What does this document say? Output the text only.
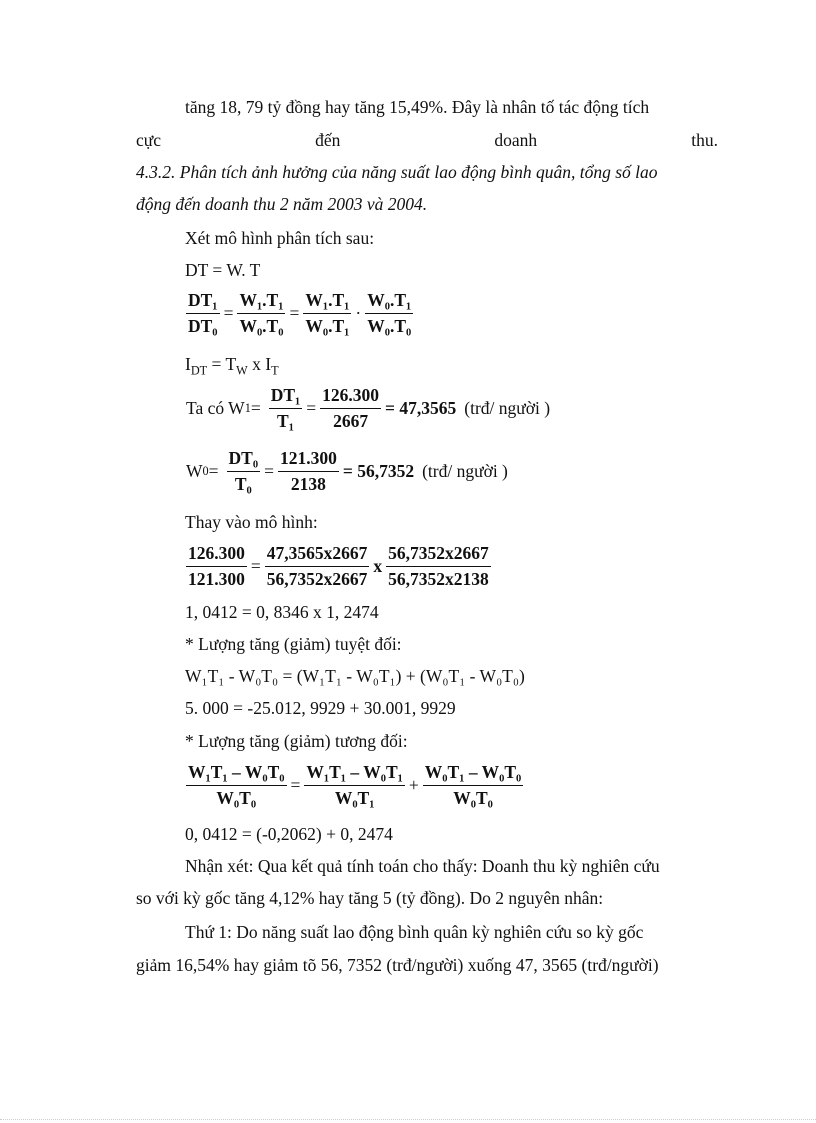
tăng 18, 79 tỷ đồng hay tăng 15,49%. Đây là nhân tố tác động tích
cực	đến	doanh	thu.
4.3.2. Phân tích ảnh hưởng của năng suất lao động bình quân, tổng số lao
động đến doanh thu 2 năm 2003 và 2004.
Xét mô hình phân tích sau:
DT = W. T
$\frac{\text{DT₁}}{\text{DT₀}} = \frac{\text{W₁.T₁}}{\text{W₀.T₀}} = \frac{\text{W₁.T₁}}{\text{W₀.T₁}} \cdot \frac{\text{W₀.T₁}}{\text{W₀.T₀}}$
$I_{DT} = T_W$ x $I_T$
Ta có W $1 = \frac{\text{DT₁}}{\text{T₁}} = \frac{126.300}{2667} = 47,3565$ (trđ/ người )
W $0 = \frac{\text{DT₀}}{\text{T₀}} = \frac{121.300}{2138} = 56,7352$ (trđ/ người )
Thay vào mô hình:
$\frac{126.300}{121.300} = \frac{47,3565x2667}{56,7352x2667}$ x $\frac{56,7352x2667}{56,7352x2138}$
1, 0412 = 0, 8346 x 1, 2474
* Lượng tăng (giảm) tuyệt đối:
W₁T₁ - W₀T₀ = (W₁T₁ - W₀T₁) + (W₀T₁ - W₀T₀)
5. 000 = -25.012, 9929 + 30.001, 9929
* Lượng tăng (giảm) tương đối:
$\frac{\text{W₁T₁ – W₀T₀}}{\text{W₀T₀}} = \frac{\text{W₁T₁ – W₀T₁}}{\text{W₀T₁}} + \frac{\text{W₀T₁ – W₀T₀}}{\text{W₀T₀}}$
0, 0412 = (-0,2062) + 0, 2474
Nhận xét: Qua kết quả tính toán cho thấy: Doanh thu kỳ nghiên cứu
so với kỳ gốc tăng 4,12% hay tăng 5 (tỷ đồng). Do 2 nguyên nhân:
Thứ 1: Do năng suất lao động bình quân kỳ nghiên cứu so kỳ gốc
giảm 16,54% hay giảm tõ 56, 7352 (trđ/người) xuống 47, 3565 (trđ/người)
